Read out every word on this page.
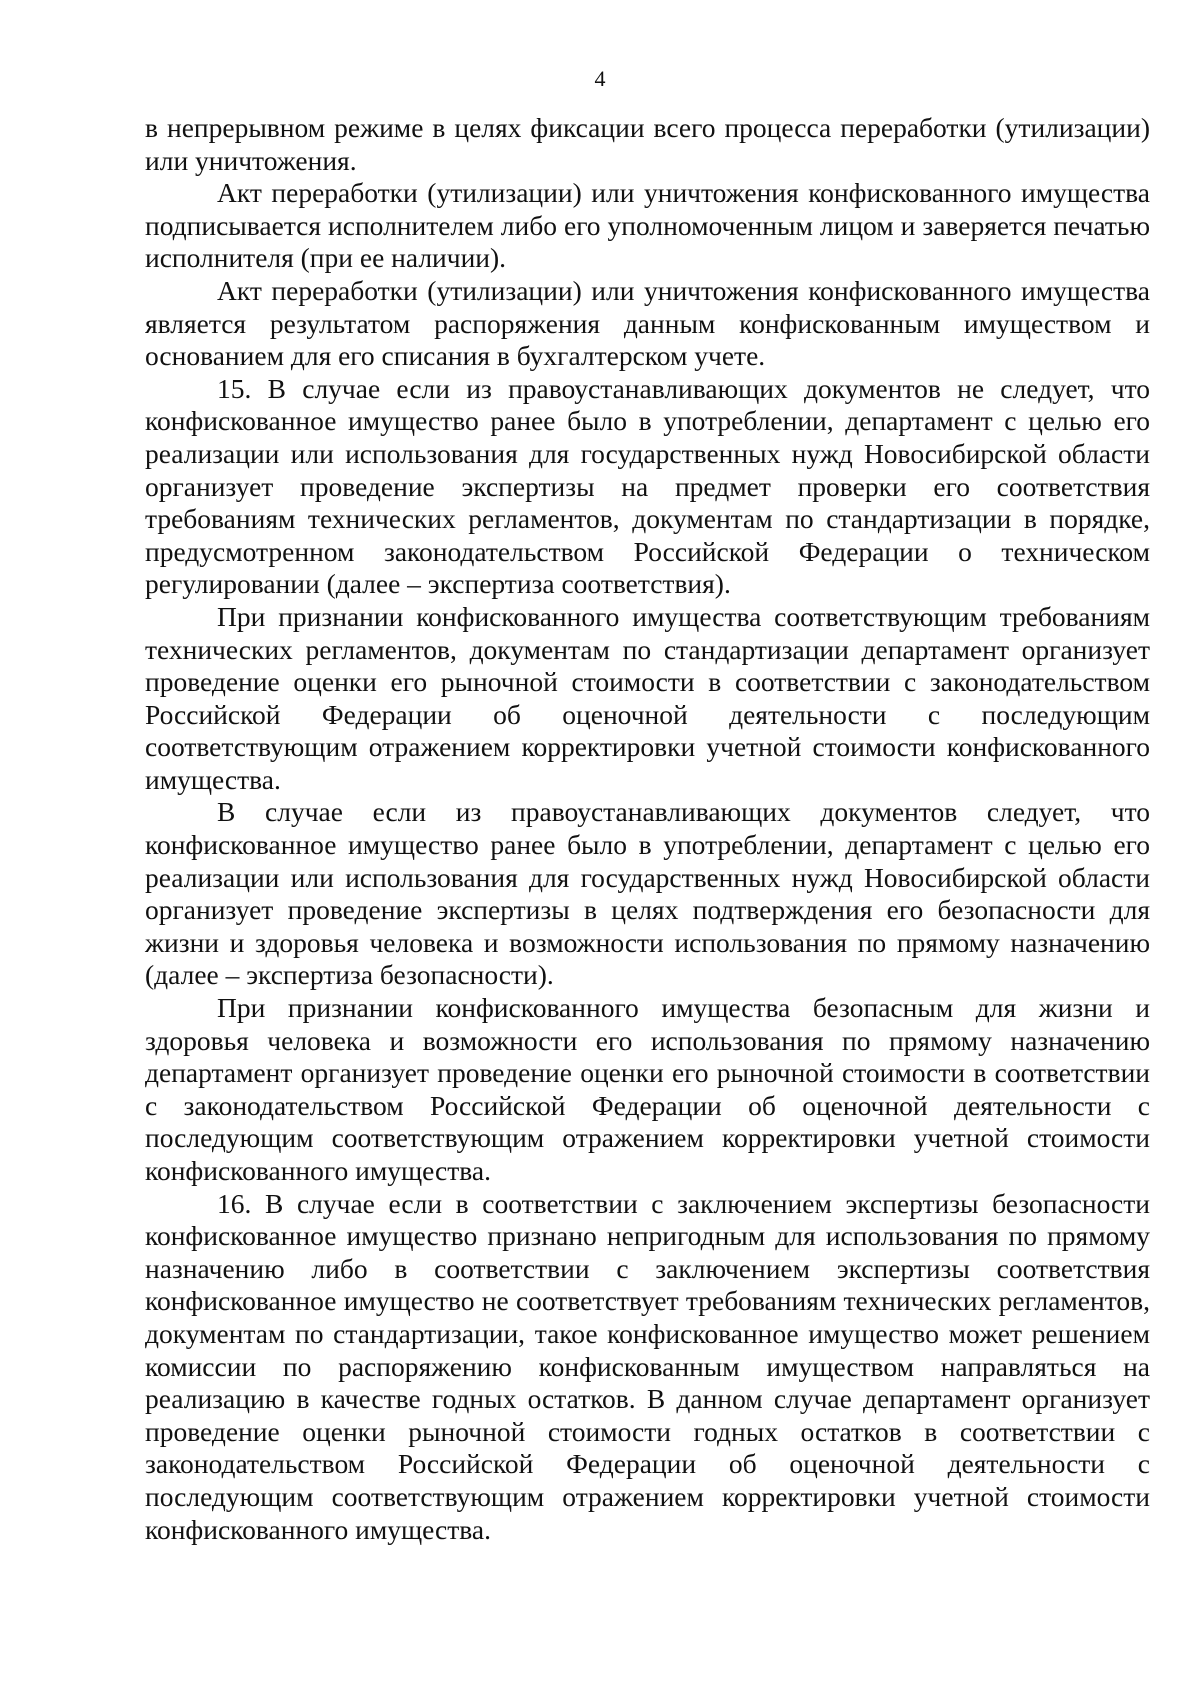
4

в непрерывном режиме в целях фиксации всего процесса переработки (утилизации) или уничтожения.

Акт переработки (утилизации) или уничтожения конфискованного имущества подписывается исполнителем либо его уполномоченным лицом и заверяется печатью исполнителя (при ее наличии).

Акт переработки (утилизации) или уничтожения конфискованного имущества является результатом распоряжения данным конфискованным имуществом и основанием для его списания в бухгалтерском учете.

15. В случае если из правоустанавливающих документов не следует, что конфискованное имущество ранее было в употреблении, департамент с целью его реализации или использования для государственных нужд Новосибирской области организует проведение экспертизы на предмет проверки его соответствия требованиям технических регламентов, документам по стандартизации в порядке, предусмотренном законодательством Российской Федерации о техническом регулировании (далее – экспертиза соответствия).

При признании конфискованного имущества соответствующим требованиям технических регламентов, документам по стандартизации департамент организует проведение оценки его рыночной стоимости в соответствии с законодательством Российской Федерации об оценочной деятельности с последующим соответствующим отражением корректировки учетной стоимости конфискованного имущества.

В случае если из правоустанавливающих документов следует, что конфискованное имущество ранее было в употреблении, департамент с целью его реализации или использования для государственных нужд Новосибирской области организует проведение экспертизы в целях подтверждения его безопасности для жизни и здоровья человека и возможности использования по прямому назначению (далее – экспертиза безопасности).

При признании конфискованного имущества безопасным для жизни и здоровья человека и возможности его использования по прямому назначению департамент организует проведение оценки его рыночной стоимости в соответствии с законодательством Российской Федерации об оценочной деятельности с последующим соответствующим отражением корректировки учетной стоимости конфискованного имущества.

16. В случае если в соответствии с заключением экспертизы безопасности конфискованное имущество признано непригодным для использования по прямому назначению либо в соответствии с заключением экспертизы соответствия конфискованное имущество не соответствует требованиям технических регламентов, документам по стандартизации, такое конфискованное имущество может решением комиссии по распоряжению конфискованным имуществом направляться на реализацию в качестве годных остатков. В данном случае департамент организует проведение оценки рыночной стоимости годных остатков в соответствии с законодательством Российской Федерации об оценочной деятельности с последующим соответствующим отражением корректировки учетной стоимости конфискованного имущества.
